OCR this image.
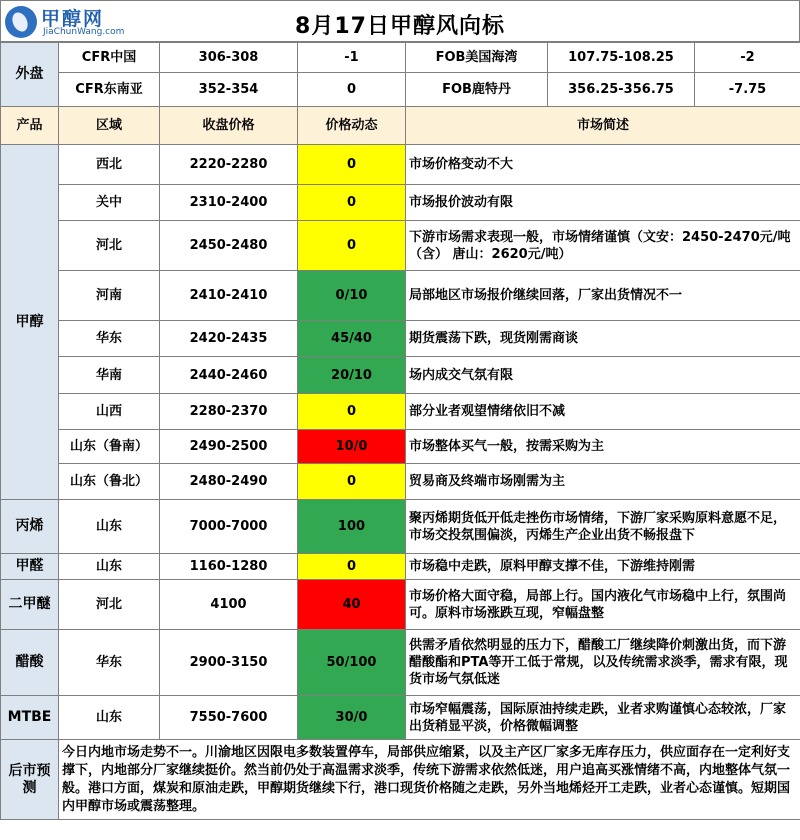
甲醇网
JiaChunWang.com	8月17日甲醇风向标
外盘	CFR中国	306-308	-1	FOB美国海湾	107.75-108.25	-2
	CFR东南亚	352-354	0	FOB鹿特丹	356.25-356.75	-7.75
产品	区域	收盘价格	价格动态	市场简述		
甲醇	西北	2220-2280	0	市场价格变动不大		
	关中	2310-2400	0	市场报价波动有限		
	河北	2450-2480	0	下游市场需求表现一般，市场情绪谨慎（文安：2450-2470元/吨（含） 唐山：2620元/吨）		
	河南	2410-2410	0/10	局部地区市场报价继续回落，厂家出货情况不一		
	华东	2420-2435	45/40	期货震荡下跌，现货刚需商谈		
	华南	2440-2460	20/10	场内成交气氛有限		
	山西	2280-2370	0	部分业者观望情绪依旧不减		
	山东（鲁南）	2490-2500	10/0	市场整体买气一般，按需采购为主		
	山东（鲁北）	2480-2490	0	贸易商及终端市场刚需为主		
丙烯	山东	7000-7000	100	聚丙烯期货低开低走挫伤市场情绪，下游厂家采购原料意愿不足，市场交投氛围偏淡，丙烯生产企业出货不畅报盘下		
甲醛	山东	1160-1280	0	市场稳中走跌，原料甲醇支撑不佳，下游维持刚需		
二甲醚	河北	4100	40	市场价格大面守稳，局部上行。国内液化气市场稳中上行，氛围尚可。原料市场涨跌互现，窄幅盘整		
醋酸	华东	2900-3150	50/100	供需矛盾依然明显的压力下，醋酸工厂继续降价刺激出货，而下游醋酸酯和PTA等开工低于常规，以及传统需求淡季，需求有限，现货市场气氛低迷		
MTBE	山东	7550-7600	30/0	市场窄幅震荡，国际原油持续走跌，业者求购谨慎心态较浓，厂家出货稍显平淡，价格微幅调整		
后市预测	今日内地市场走势不一。川渝地区因限电多数装置停车，局部供应缩紧，以及主产区厂家多无库存压力，供应面存在一定利好支撑下，内地部分厂家继续挺价。然当前仍处于高温需求淡季，传统下游需求依然低迷，用户追高买涨情绪不高，内地整体气氛一般。港口方面，煤炭和原油走跌，甲醇期货继续下行，港口现货价格随之走跌，另外当地烯烃开工走跌，业者心态谨慎。短期国内甲醇市场或震荡整理。					
